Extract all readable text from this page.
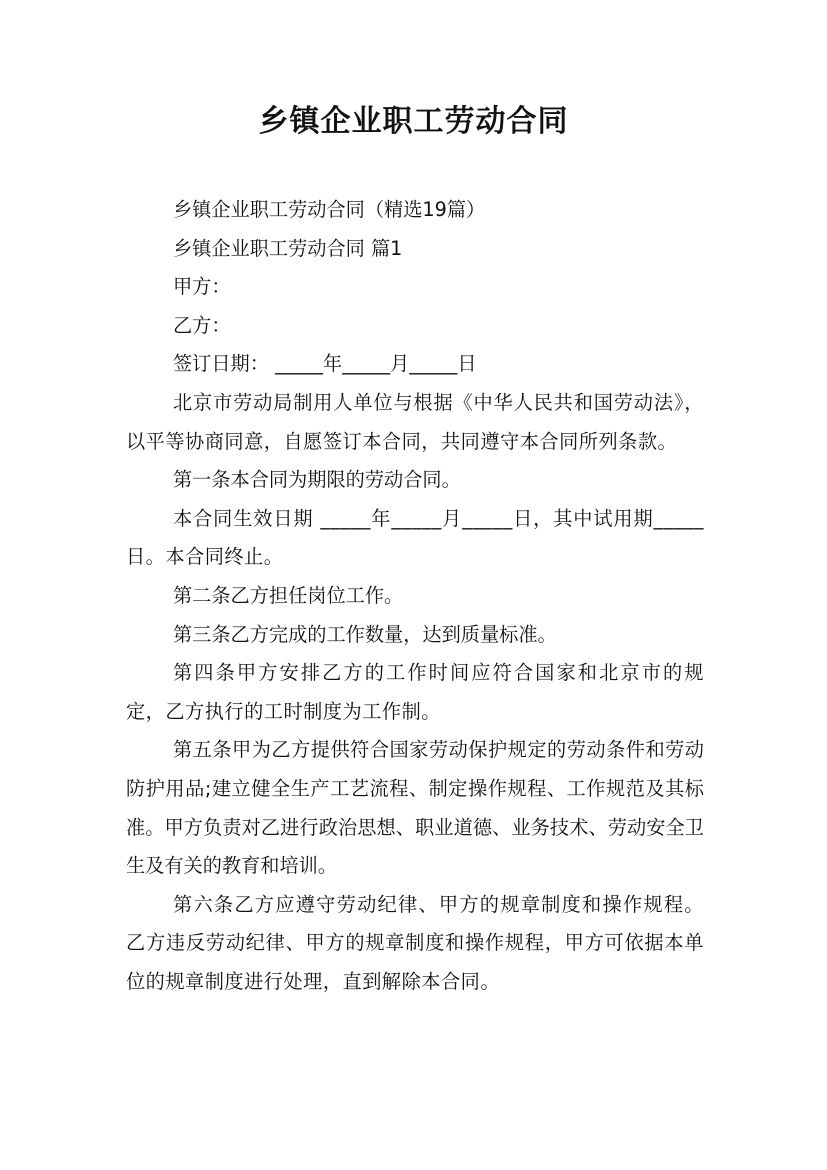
乡镇企业职工劳动合同

乡镇企业职工劳动合同（精选19篇）

乡镇企业职工劳动合同 篇1

甲方：

乙方：

签订日期： _____年_____月_____日

北京市劳动局制用人单位与根据《中华人民共和国劳动法》，以平等协商同意，自愿签订本合同，共同遵守本合同所列条款。

第一条本合同为期限的劳动合同。

本合同生效日期 _____年_____月_____日，其中试用期_____日。本合同终止。

第二条乙方担任岗位工作。

第三条乙方完成的工作数量，达到质量标准。

第四条甲方安排乙方的工作时间应符合国家和北京市的规定，乙方执行的工时制度为工作制。

第五条甲为乙方提供符合国家劳动保护规定的劳动条件和劳动防护用品;建立健全生产工艺流程、制定操作规程、工作规范及其标准。甲方负责对乙进行政治思想、职业道德、业务技术、劳动安全卫生及有关的教育和培训。

第六条乙方应遵守劳动纪律、甲方的规章制度和操作规程。乙方违反劳动纪律、甲方的规章制度和操作规程，甲方可依据本单位的规章制度进行处理，直到解除本合同。
